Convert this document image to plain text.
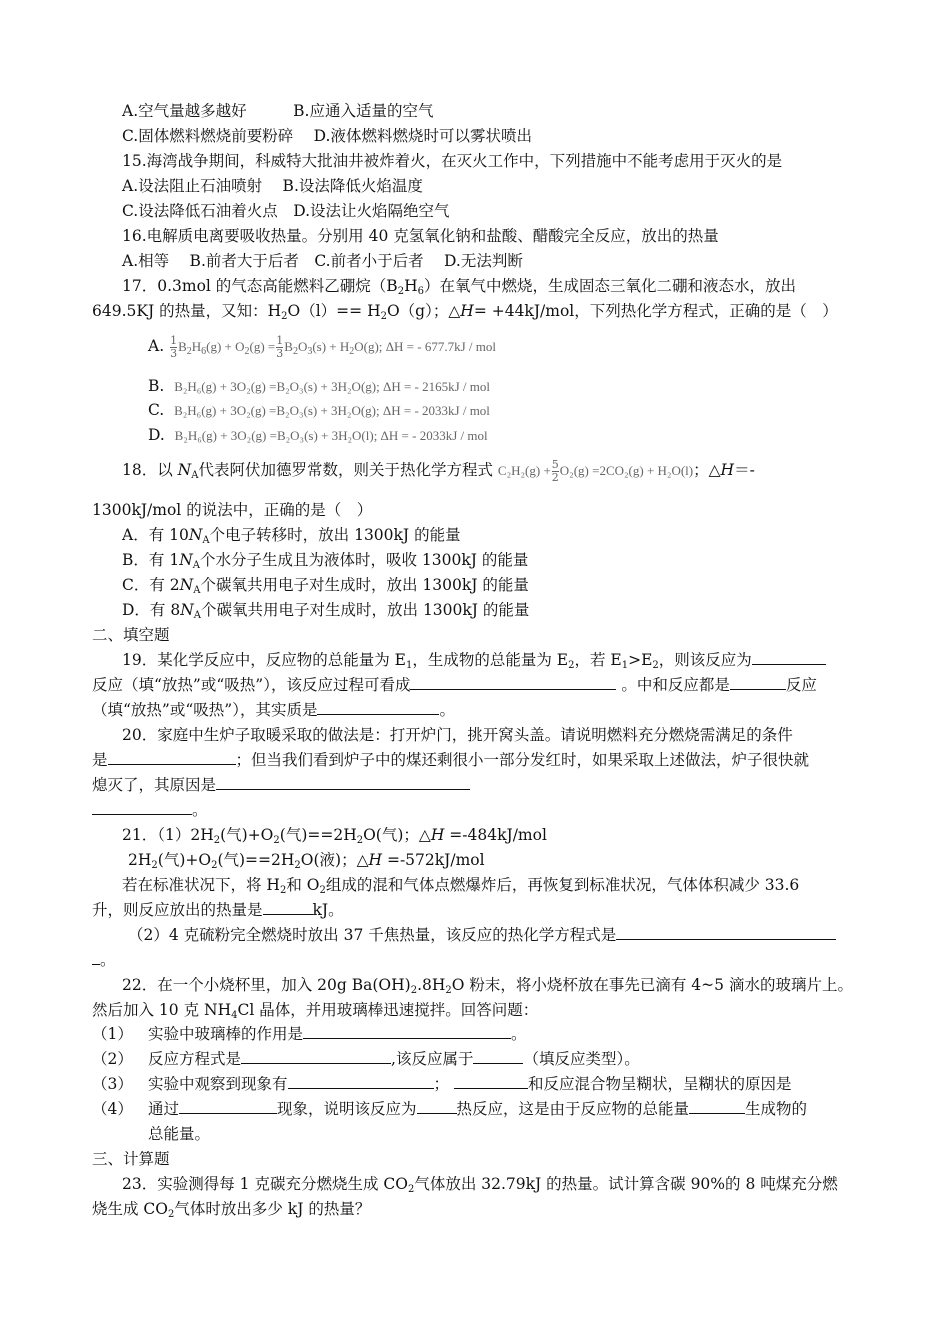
A.空气量越多越好　　　B.应通入适量的空气
C.固体燃料燃烧前要粉碎　 D.液体燃料燃烧时可以雾状喷出
15.海湾战争期间，科威特大批油井被炸着火，在灭火工作中，下列措施中不能考虑用于灭火的是
A.设法阻止石油喷射　 B.设法降低火焰温度
C.设法降低石油着火点　D.设法让火焰隔绝空气
16.电解质电离要吸收热量。分别用 40 克氢氧化钠和盐酸、醋酸完全反应，放出的热量
A.相等　 B.前者大于后者　C.前者小于后者　 D.无法判断
17．0.3mol 的气态高能燃料乙硼烷$(B_2H_6)$在氧气中燃烧，生成固态三氧化二硼和液态水，放出
649.5KJ 的热量，又知：$H_2O(l)== H_2O(g)$；△H= +44kJ/mol，下列热化学方程式，正确的是（　）
A. $\frac{1}{3} B_2H_6(g) + O_2(g) = \frac{1}{3} B_2O_3(s) + H_2O(g)$; ΔH = - 677.7kJ / mol
B. B₂H₆(g) + 3O₂(g) =B₂O₃(s) + 3H₂O(g); ΔH = - 2165kJ / mol
C. B₂H₆(g) + 3O₂(g) =B₂O₃(s) + 3H₂O(g); ΔH = - 2033kJ / mol
D. B₂H₆(g) + 3O₂(g) =B₂O₃(s) + 3H₂O(l); ΔH = - 2033kJ / mol
18．以 $N_A$代表阿伏加德罗常数，则关于热化学方程式 $C_2H_2(g) + \frac{5}{2} O_2(g) =2CO_2(g) + H_2O(l)$；△H＝-
1300kJ/mol 的说法中，正确的是（　）
A．有 $10N_A$个电子转移时，放出 1300kJ 的能量
B．有 $1N_A$个水分子生成且为液体时，吸收 1300kJ 的能量
C．有 $2N_A$个碳氧共用电子对生成时，放出 1300kJ 的能量
D．有 $8N_A$个碳氧共用电子对生成时，放出 1300kJ 的能量
二、填空题
19．某化学反应中，反应物的总能量为 $E_1$，生成物的总能量为 $E_2$，若 $E_1>E_2$，则该反应为
反应（填“放热”或“吸热”），该反应过程可看成	。中和反应都是	反应
（填“放热”或“吸热”），其实质是	。
20．家庭中生炉子取暖采取的做法是：打开炉门，挑开窝头盖。请说明燃料充分燃烧需满足的条件
是	；但当我们看到炉子中的煤还剩很小一部分发红时，如果采取上述做法，炉子很快就
熄灭了，其原因是
。
21．$(1)2H_2$(气)$+O_2$(气)$==2H_2O$(气)；△H =-484kJ/mol
$2H_2$(气)$+O_2$(气)$==2H_2O$(液)；△H =-572kJ/mol
若在标准状况下，将 $H_2$和 $O_2$组成的混和气体点燃爆炸后，再恢复到标准状况，气体体积减少 33.6
升，则反应放出的热量是	kJ。
（2）4 克硫粉完全燃烧时放出 37 千焦热量，该反应的热化学方程式是
。
22．在一个小烧杯里，加入 20g $Ba(OH)_2.8H_2O$ 粉末，将小烧杯放在事先已滴有 4~5 滴水的玻璃片上。
然后加入 10 克 $NH_4Cl$ 晶体，并用玻璃棒迅速搅拌。回答问题：
（1） 实验中玻璃棒的作用是	。
（2） 反应方程式是	,该反应属于	（填反应类型）。
（3） 实验中观察到现象有	；	和反应混合物呈糊状，呈糊状的原因是
（4） 通过	现象，说明该反应为	热反应，这是由于反应物的总能量	生成物的
总能量。
三、计算题
23．实验测得每 1 克碳充分燃烧生成 $CO_2$气体放出 32.79kJ 的热量。试计算含碳 90%的 8 吨煤充分燃
烧生成 $CO_2$气体时放出多少 kJ 的热量？
